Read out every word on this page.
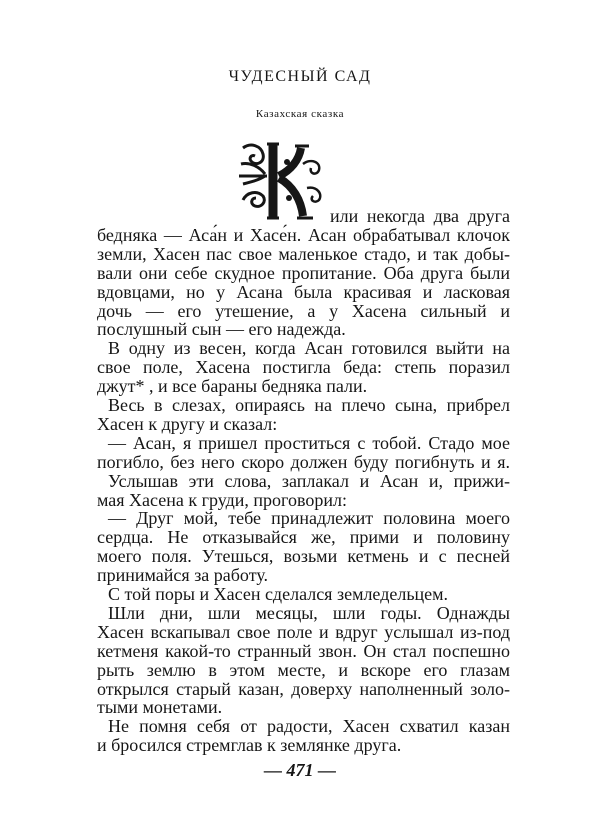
ЧУДЕСНЫЙ САД

Казахская сказка

или некогда два друга
бедняка — Аса́н и Хасе́н. Асан обрабатывал клочок
земли, Хасен пас свое маленькое стадо, и так добы-
вали они себе скудное пропитание. Оба друга были
вдовцами, но у Асана была красивая и ласковая
дочь — его утешение, а у Хасена сильный и
послушный сын — его надежда.
В одну из весен, когда Асан готовился выйти на
свое поле, Хасена постигла беда: степь поразил
джут* , и все бараны бедняка пали.
Весь в слезах, опираясь на плечо сына, прибрел
Хасен к другу и сказал:
— Асан, я пришел проститься с тобой. Стадо мое
погибло, без него скоро должен буду погибнуть и я.
Услышав эти слова, заплакал и Асан и, прижи-
мая Хасена к груди, проговорил:
— Друг мой, тебе принадлежит половина моего
сердца. Не отказывайся же, прими и половину
моего поля. Утешься, возьми кетмень и с песней
принимайся за работу.
С той поры и Хасен сделался земледельцем.
Шли дни, шли месяцы, шли годы. Однажды
Хасен вскапывал свое поле и вдруг услышал из-под
кетменя какой-то странный звон. Он стал поспешно
рыть землю в этом месте, и вскоре его глазам
открылся старый казан, доверху наполненный золо-
тыми монетами.
Не помня себя от радости, Хасен схватил казан
и бросился стремглав к землянке друга.

— 471 —
